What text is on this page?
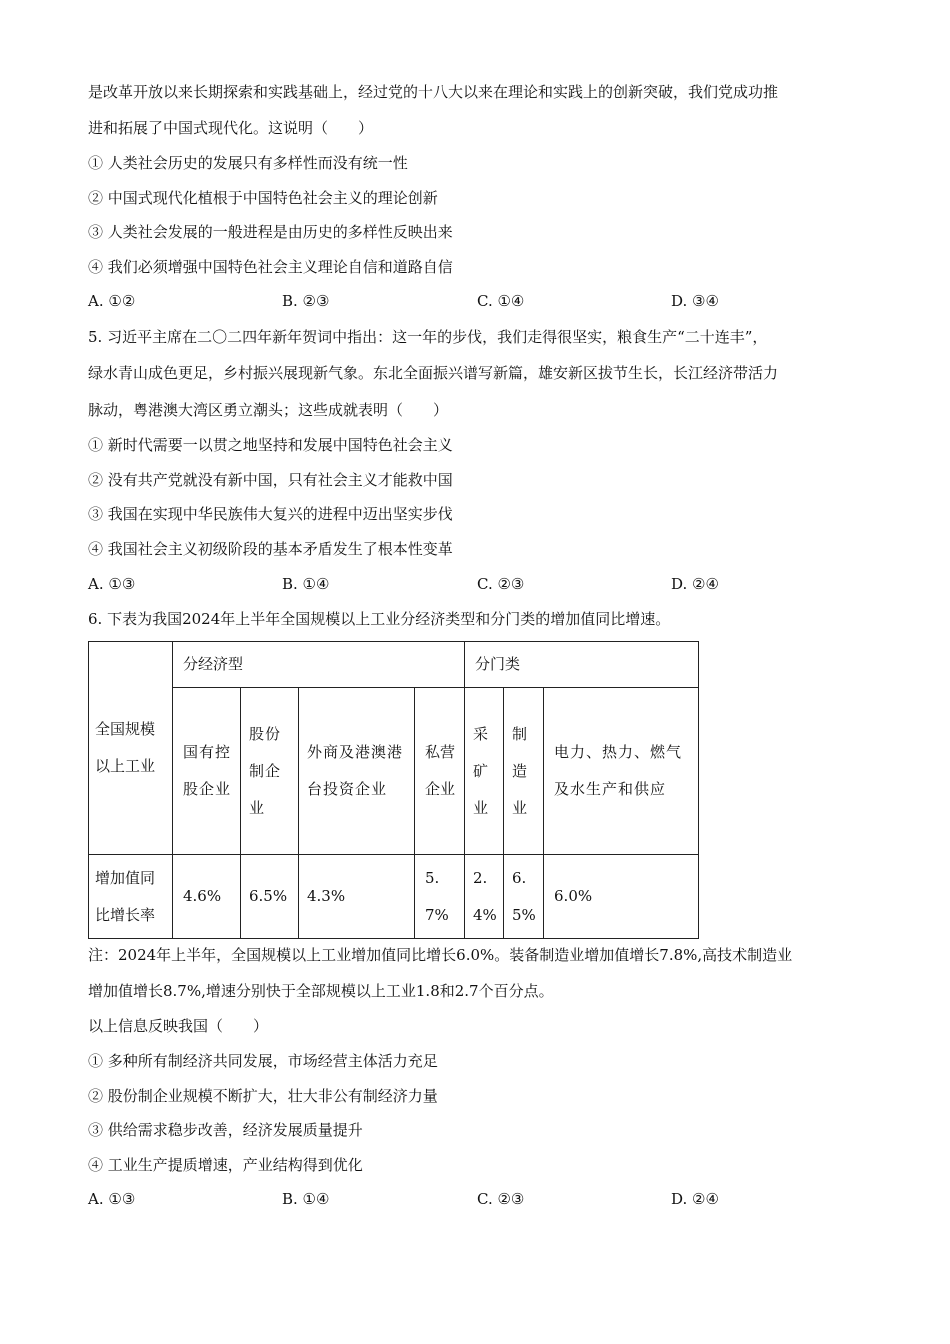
是改革开放以来长期探索和实践基础上，经过党的十八大以来在理论和实践上的创新突破，我们党成功推
进和拓展了中国式现代化。这说明（　　）
① 人类社会历史的发展只有多样性而没有统一性
② 中国式现代化植根于中国特色社会主义的理论创新
③ 人类社会发展的一般进程是由历史的多样性反映出来
④ 我们必须增强中国特色社会主义理论自信和道路自信
A. ①②	B. ②③	C. ①④	D. ③④
5. 习近平主席在二〇二四年新年贺词中指出：这一年的步伐，我们走得很坚实，粮食生产“二十连丰”，
绿水青山成色更足，乡村振兴展现新气象。东北全面振兴谱写新篇，雄安新区拔节生长，长江经济带活力
脉动，粤港澳大湾区勇立潮头；这些成就表明（　　）
① 新时代需要一以贯之地坚持和发展中国特色社会主义
② 没有共产党就没有新中国，只有社会主义才能救中国
③ 我国在实现中华民族伟大复兴的进程中迈出坚实步伐
④ 我国社会主义初级阶段的基本矛盾发生了根本性变革
A. ①③	B. ①④	C. ②③	D. ②④
6. 下表为我国2024年上半年全国规模以上工业分经济类型和分门类的增加值同比增速。
全国规模以上工业	分经济型				分门类		
	国有控股企业	股份制企业	外商及港澳港台投资企业	私营企业	采矿业	制造业	电力、热力、燃气及水生产和供应

增加值同比增长率	4.6%	6.5%	4.3%	5.7%	2.4%	6.5%	6.0%
注：2024年上半年，全国规模以上工业增加值同比增长6.0%。装备制造业增加值增长7.8%,高技术制造业
增加值增长8.7%,增速分别快于全部规模以上工业1.8和2.7个百分点。
以上信息反映我国（　　）
① 多种所有制经济共同发展，市场经营主体活力充足
② 股份制企业规模不断扩大，壮大非公有制经济力量
③ 供给需求稳步改善，经济发展质量提升
④ 工业生产提质增速，产业结构得到优化
A. ①③	B. ①④	C. ②③	D. ②④
